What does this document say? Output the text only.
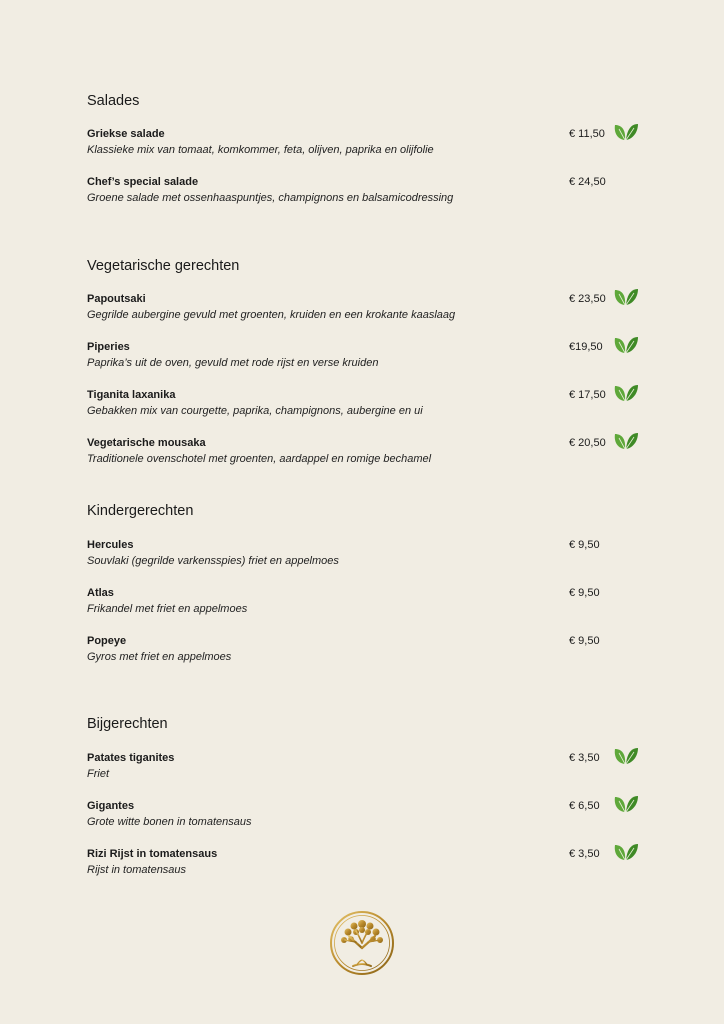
Salades
Griekse salade
Klassieke mix van tomaat, komkommer, feta, olijven, paprika en olijfolie
€ 11,50
Chef’s special salade
Groene salade met ossenhaaspuntjes, champignons en balsamicodressing
€ 24,50
Vegetarische gerechten
Papoutsaki
Gegrilde aubergine gevuld met groenten, kruiden en een krokante kaaslaag
€ 23,50
Piperies
Paprika’s uit de oven, gevuld met rode rijst en verse kruiden
€19,50
Tiganita laxanika
Gebakken mix van courgette, paprika, champignons, aubergine en ui
€ 17,50
Vegetarische mousaka
Traditionele ovenschotel met groenten, aardappel en romige bechamel
€ 20,50
Kindergerechten
Hercules
Souvlaki (gegrilde varkensspies) friet en appelmoes
€ 9,50
Atlas
Frikandel met friet en appelmoes
€ 9,50
Popeye
Gyros met friet en appelmoes
€ 9,50
Bijgerechten
Patates tiganites
Friet
€ 3,50
Gigantes
Grote witte bonen in tomatensaus
€ 6,50
Rizi Rijst in tomatensaus
Rijst in tomatensaus
€ 3,50
